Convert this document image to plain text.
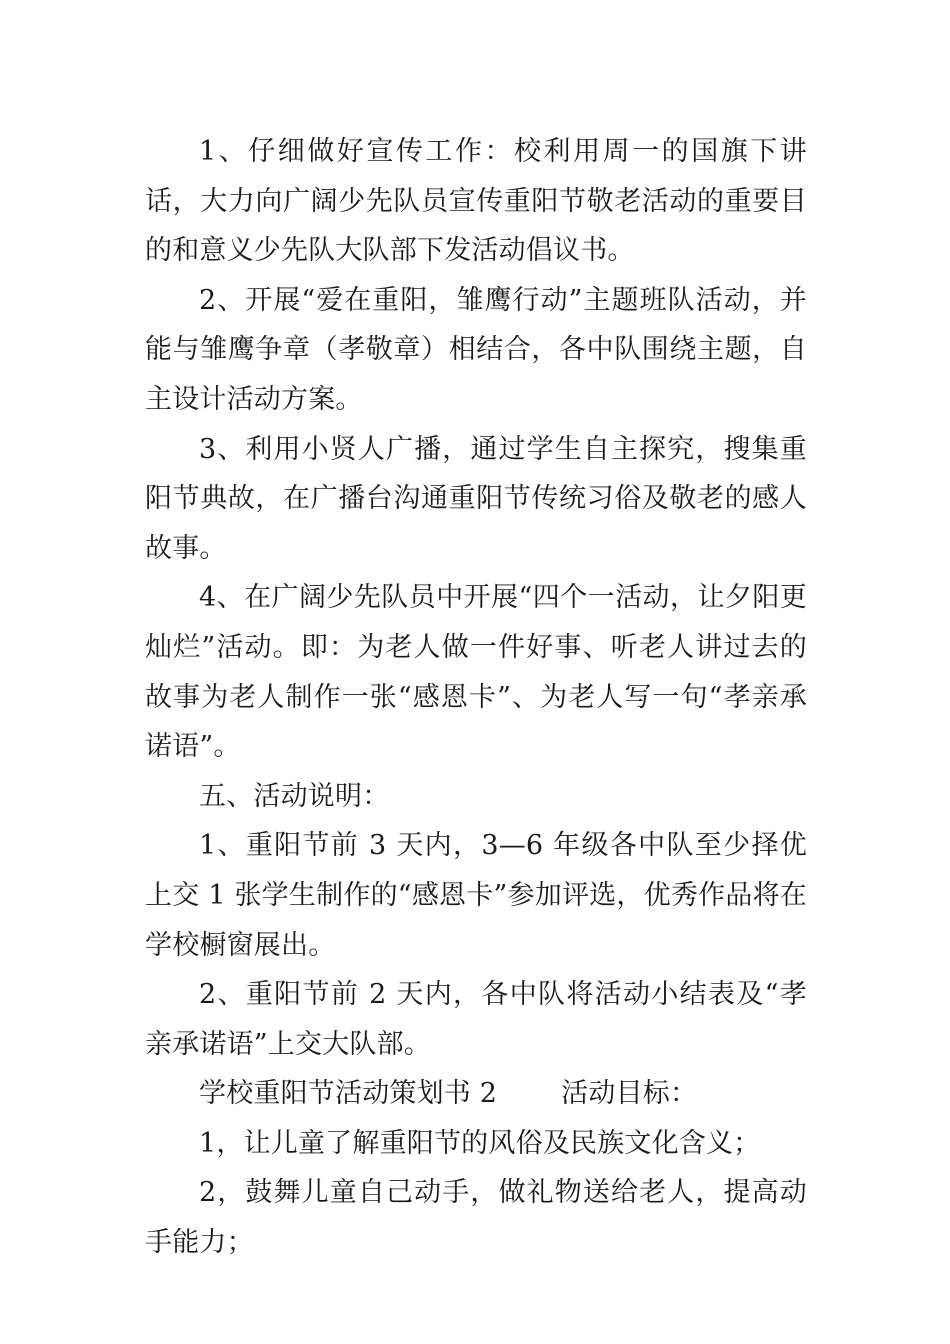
1、仔细做好宣传工作：校利用周一的国旗下讲话，大力向广阔少先队员宣传重阳节敬老活动的重要目的和意义少先队大队部下发活动倡议书。

2、开展“爱在重阳，雏鹰行动”主题班队活动，并能与雏鹰争章（孝敬章）相结合，各中队围绕主题，自主设计活动方案。

3、利用小贤人广播，通过学生自主探究，搜集重阳节典故，在广播台沟通重阳节传统习俗及敬老的感人故事。

4、在广阔少先队员中开展“四个一活动，让夕阳更灿烂”活动。即：为老人做一件好事、听老人讲过去的故事为老人制作一张“感恩卡”、为老人写一句“孝亲承诺语”。

五、活动说明：

1、重阳节前 3 天内，3—6 年级各中队至少择优上交 1 张学生制作的“感恩卡”参加评选，优秀作品将在学校橱窗展出。

2、重阳节前 2 天内，各中队将活动小结表及“孝亲承诺语”上交大队部。

学校重阳节活动策划书 2 活动目标：

1，让儿童了解重阳节的风俗及民族文化含义；

2，鼓舞儿童自己动手，做礼物送给老人，提高动手能力；
